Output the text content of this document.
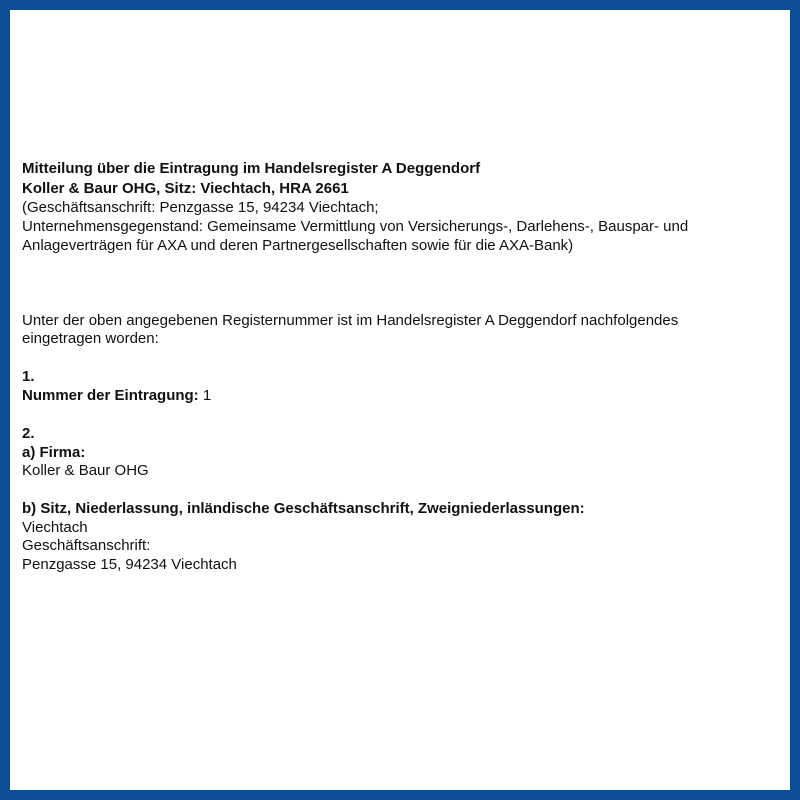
Mitteilung über die Eintragung im Handelsregister A Deggendorf
Koller & Baur OHG, Sitz: Viechtach, HRA 2661
(Geschäftsanschrift: Penzgasse 15, 94234 Viechtach;
Unternehmensgegenstand: Gemeinsame Vermittlung von Versicherungs-, Darlehens-, Bauspar- und
Anlageverträgen für AXA und deren Partnergesellschaften sowie für die AXA-Bank)
Unter der oben angegebenen Registernummer ist im Handelsregister A Deggendorf nachfolgendes
eingetragen worden:
1.
Nummer der Eintragung: 1
2.
a) Firma:
Koller & Baur OHG
b) Sitz, Niederlassung, inländische Geschäftsanschrift, Zweigniederlassungen:
Viechtach
Geschäftsanschrift:
Penzgasse 15, 94234 Viechtach
